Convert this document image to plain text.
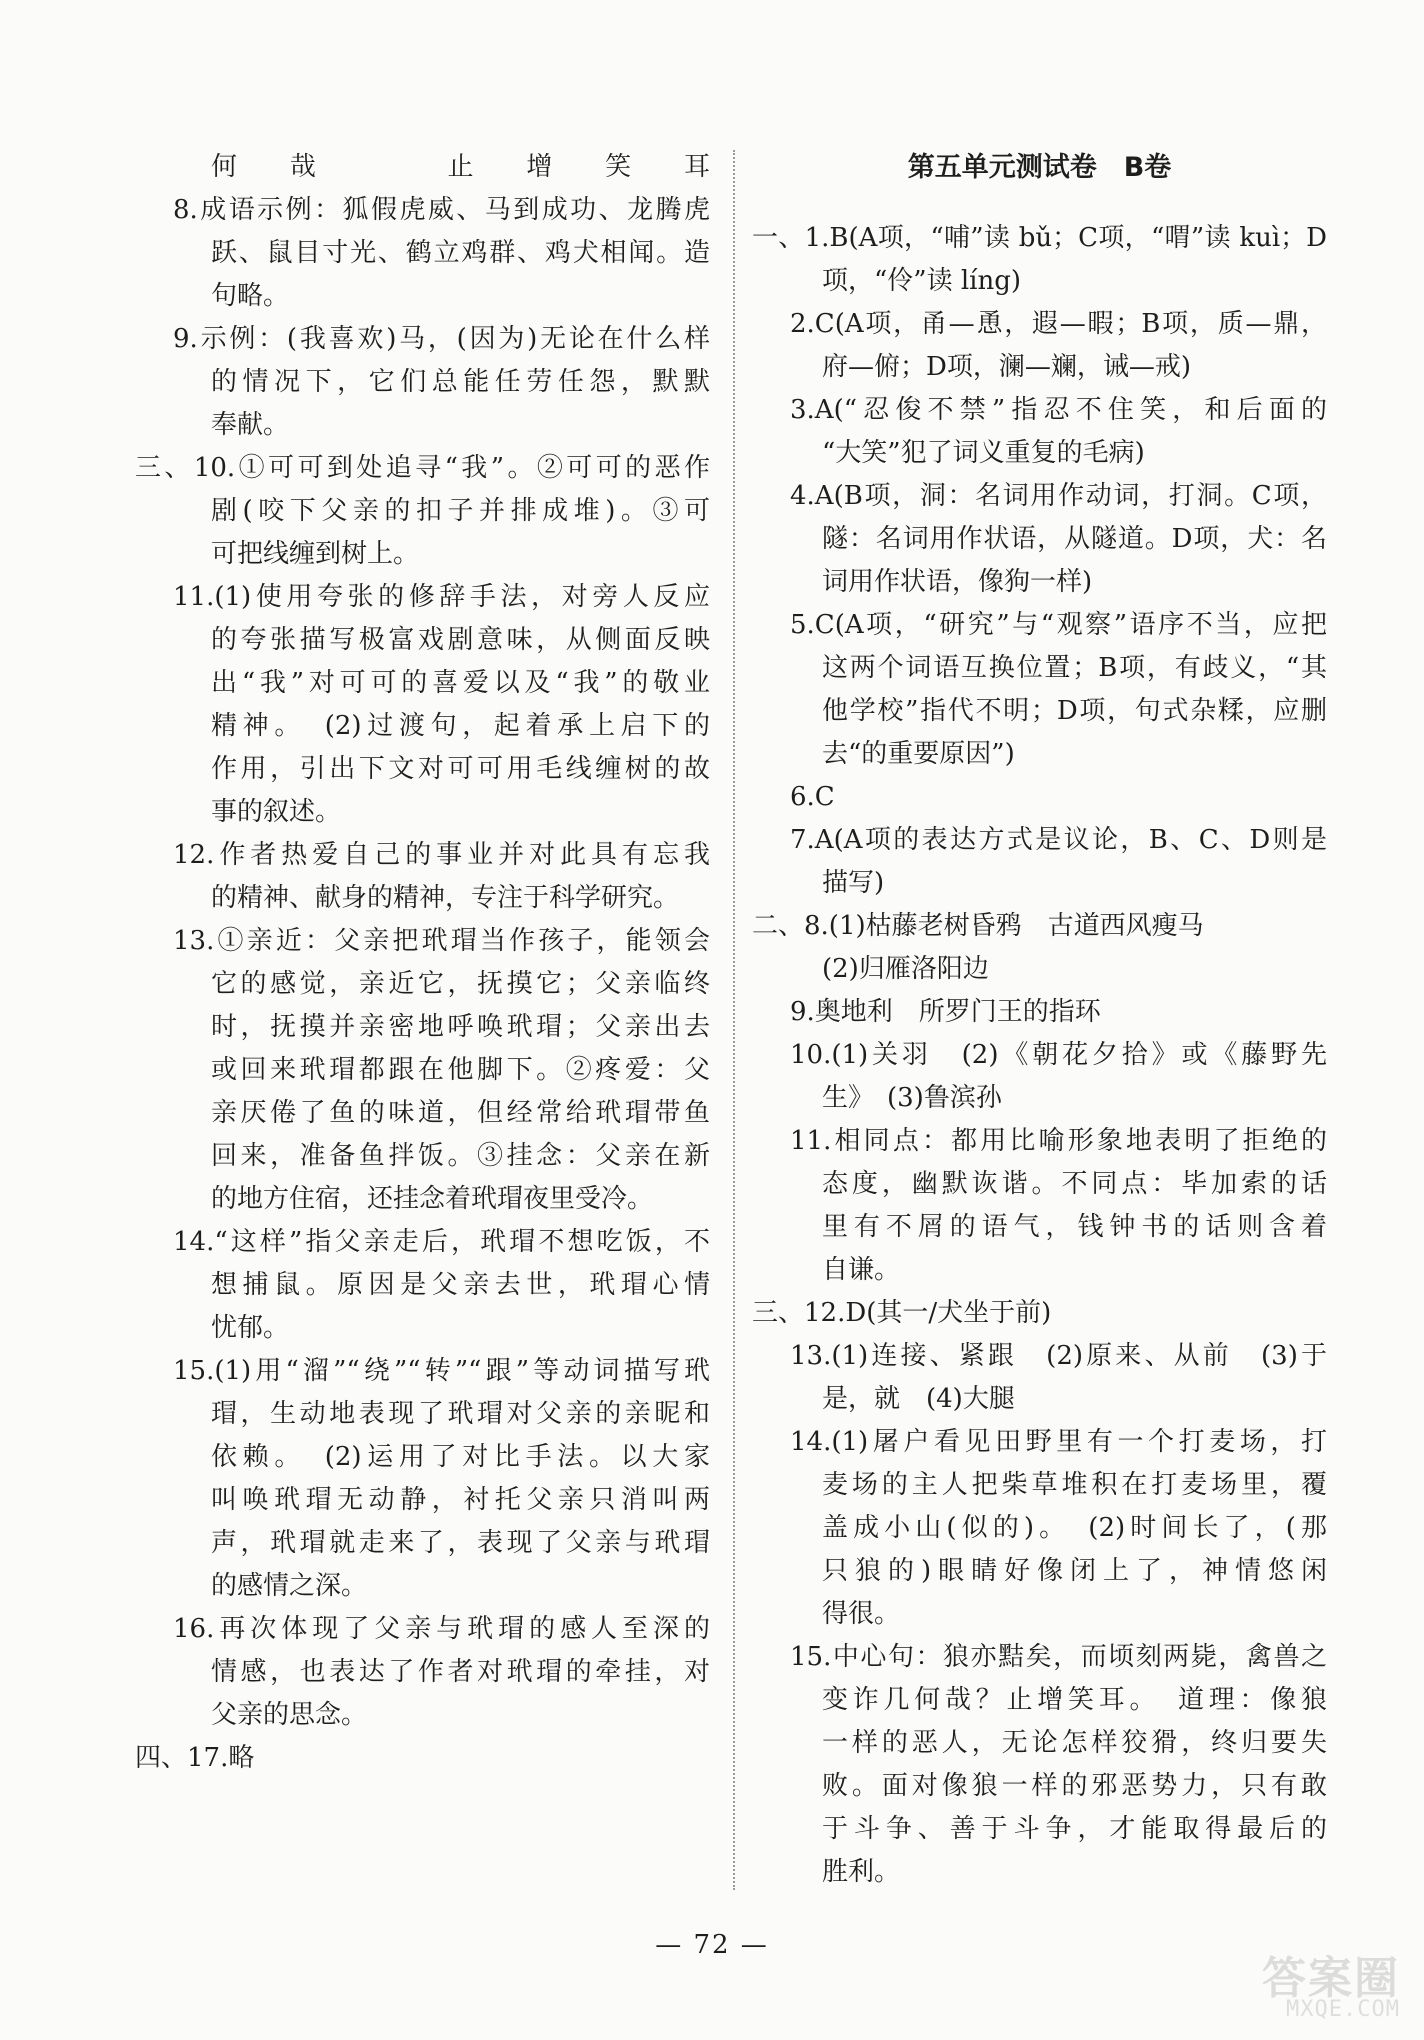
何哉　止增笑耳
8.成语示例：狐假虎威、马到成功、龙腾虎
跃、鼠目寸光、鹤立鸡群、鸡犬相闻。造
句略。
9.示例：(我喜欢)马，(因为)无论在什么样
的情况下，它们总能任劳任怨，默默
奉献。
三、10.①可可到处追寻“我”。②可可的恶作
剧(咬下父亲的扣子并排成堆)。③可
可把线缠到树上。
11.(1)使用夸张的修辞手法，对旁人反应
的夸张描写极富戏剧意味，从侧面反映
出“我”对可可的喜爱以及“我”的敬业
精神。　(2)过渡句，起着承上启下的
作用，引出下文对可可用毛线缠树的故
事的叙述。
12.作者热爱自己的事业并对此具有忘我
的精神、献身的精神，专注于科学研究。
13.①亲近：父亲把玳瑁当作孩子，能领会
它的感觉，亲近它，抚摸它；父亲临终
时，抚摸并亲密地呼唤玳瑁；父亲出去
或回来玳瑁都跟在他脚下。②疼爱：父
亲厌倦了鱼的味道，但经常给玳瑁带鱼
回来，准备鱼拌饭。③挂念：父亲在新
的地方住宿，还挂念着玳瑁夜里受冷。
14.“这样”指父亲走后，玳瑁不想吃饭，不
想捕鼠。原因是父亲去世，玳瑁心情
忧郁。
15.(1)用“溜”“绕”“转”“跟”等动词描写玳
瑁，生动地表现了玳瑁对父亲的亲昵和
依赖。　(2)运用了对比手法。以大家
叫唤玳瑁无动静，衬托父亲只消叫两
声，玳瑁就走来了，表现了父亲与玳瑁
的感情之深。
16.再次体现了父亲与玳瑁的感人至深的
情感，也表达了作者对玳瑁的牵挂，对
父亲的思念。
四、17.略
第五单元测试卷　B卷
一、1.B(A项，“哺”读 bǔ；C项，“喟”读 kuì；D
项，“伶”读 líng)
2.C(A项，甬—恿，遐—暇；B项，质—鼎，
府—俯；D项，澜—斓，诫—戒)
3.A(“忍俊不禁”指忍不住笑，和后面的
“大笑”犯了词义重复的毛病)
4.A(B项，洞：名词用作动词，打洞。C项，
隧：名词用作状语，从隧道。D项，犬：名
词用作状语，像狗一样)
5.C(A项，“研究”与“观察”语序不当，应把
这两个词语互换位置；B项，有歧义，“其
他学校”指代不明；D项，句式杂糅，应删
去“的重要原因”)
6.C
7.A(A项的表达方式是议论，B、C、D则是
描写)
二、8.(1)枯藤老树昏鸦　古道西风瘦马
(2)归雁洛阳边
9.奥地利　所罗门王的指环
10.(1)关羽　(2)《朝花夕拾》或《藤野先
生》　(3)鲁滨孙
11.相同点：都用比喻形象地表明了拒绝的
态度，幽默诙谐。不同点：毕加索的话
里有不屑的语气，钱钟书的话则含着
自谦。
三、12.D(其一/犬坐于前)
13.(1)连接、紧跟　(2)原来、从前　(3)于
是，就　(4)大腿
14.(1)屠户看见田野里有一个打麦场，打
麦场的主人把柴草堆积在打麦场里，覆
盖成小山(似的)。　(2)时间长了，(那
只狼的)眼睛好像闭上了，神情悠闲
得很。
15.中心句：狼亦黠矣，而顷刻两毙，禽兽之
变诈几何哉？止增笑耳。　道理：像狼
一样的恶人，无论怎样狡猾，终归要失
败。面对像狼一样的邪恶势力，只有敢
于斗争、善于斗争，才能取得最后的
胜利。
— 72 —
答案圈
MXQE.COM
